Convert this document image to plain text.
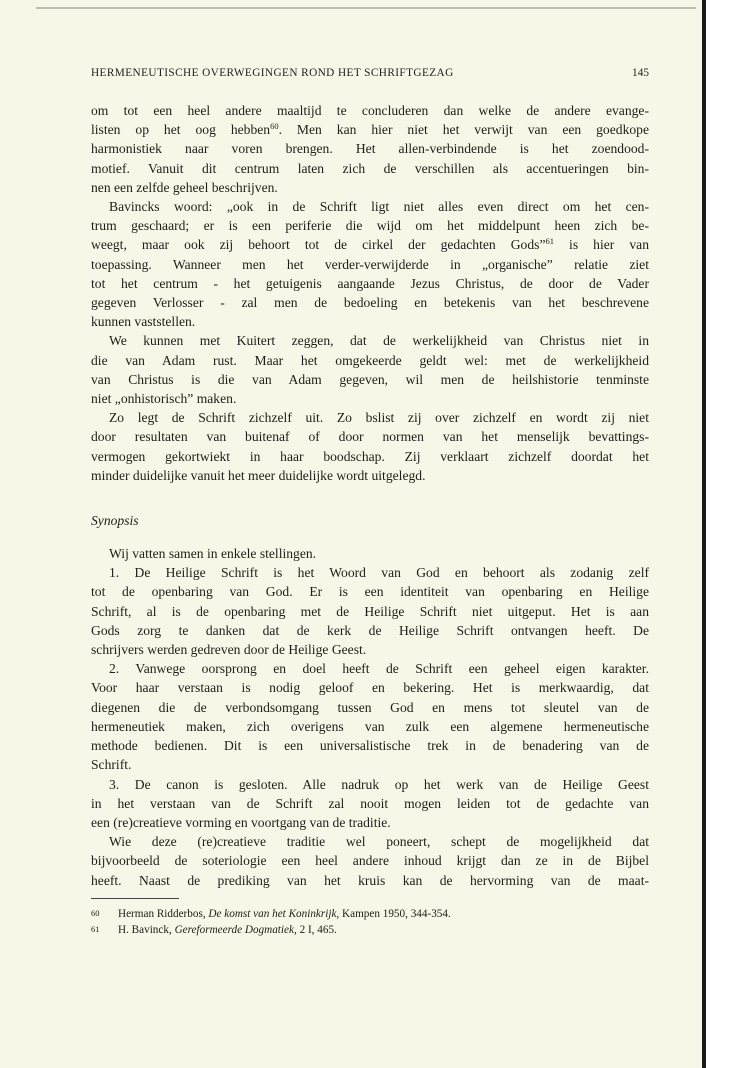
HERMENEUTISCHE OVERWEGINGEN ROND HET SCHRIFTGEZAG	145
om tot een heel andere maaltijd te concluderen dan welke de andere evange-
listen op het oog hebben$^{60}$. Men kan hier niet het verwijt van een goedkope
harmonistiek naar voren brengen. Het allen-verbindende is het zoendood-
motief. Vanuit dit centrum laten zich de verschillen als accentueringen bin-
nen een zelfde geheel beschrijven.
Bavincks woord: „ook in de Schrift ligt niet alles even direct om het cen-
trum geschaard; er is een periferie die wijd om het middelpunt heen zich be-
weegt, maar ook zij behoort tot de cirkel der gedachten Gods”$^{61}$ is hier van
toepassing. Wanneer men het verder-verwijderde in „organische” relatie ziet
tot het centrum - het getuigenis aangaande Jezus Christus, de door de Vader
gegeven Verlosser - zal men de bedoeling en betekenis van het beschrevene
kunnen vaststellen.
We kunnen met Kuitert zeggen, dat de werkelijkheid van Christus niet in
die van Adam rust. Maar het omgekeerde geldt wel: met de werkelijkheid
van Christus is die van Adam gegeven, wil men de heilshistorie tenminste
niet „onhistorisch” maken.
Zo legt de Schrift zichzelf uit. Zo bslist zij over zichzelf en wordt zij niet
door resultaten van buitenaf of door normen van het menselijk bevattings-
vermogen gekortwiekt in haar boodschap. Zij verklaart zichzelf doordat het
minder duidelijke vanuit het meer duidelijke wordt uitgelegd.
Synopsis
Wij vatten samen in enkele stellingen.
1. De Heilige Schrift is het Woord van God en behoort als zodanig zelf
tot de openbaring van God. Er is een identiteit van openbaring en Heilige
Schrift, al is de openbaring met de Heilige Schrift niet uitgeput. Het is aan
Gods zorg te danken dat de kerk de Heilige Schrift ontvangen heeft. De
schrijvers werden gedreven door de Heilige Geest.
2. Vanwege oorsprong en doel heeft de Schrift een geheel eigen karakter.
Voor haar verstaan is nodig geloof en bekering. Het is merkwaardig, dat
diegenen die de verbondsomgang tussen God en mens tot sleutel van de
hermeneutiek maken, zich overigens van zulk een algemene hermeneutische
methode bedienen. Dit is een universalistische trek in de benadering van de
Schrift.
3. De canon is gesloten. Alle nadruk op het werk van de Heilige Geest
in het verstaan van de Schrift zal nooit mogen leiden tot de gedachte van
een (re)creatieve vorming en voortgang van de traditie.
Wie deze (re)creatieve traditie wel poneert, schept de mogelijkheid dat
bijvoorbeeld de soteriologie een heel andere inhoud krijgt dan ze in de Bijbel
heeft. Naast de prediking van het kruis kan de hervorming van de maat-
60 Herman Ridderbos, De komst van het Koninkrijk, Kampen 1950, 344-354.
61 H. Bavinck, Gereformeerde Dogmatiek, 2 I, 465.
